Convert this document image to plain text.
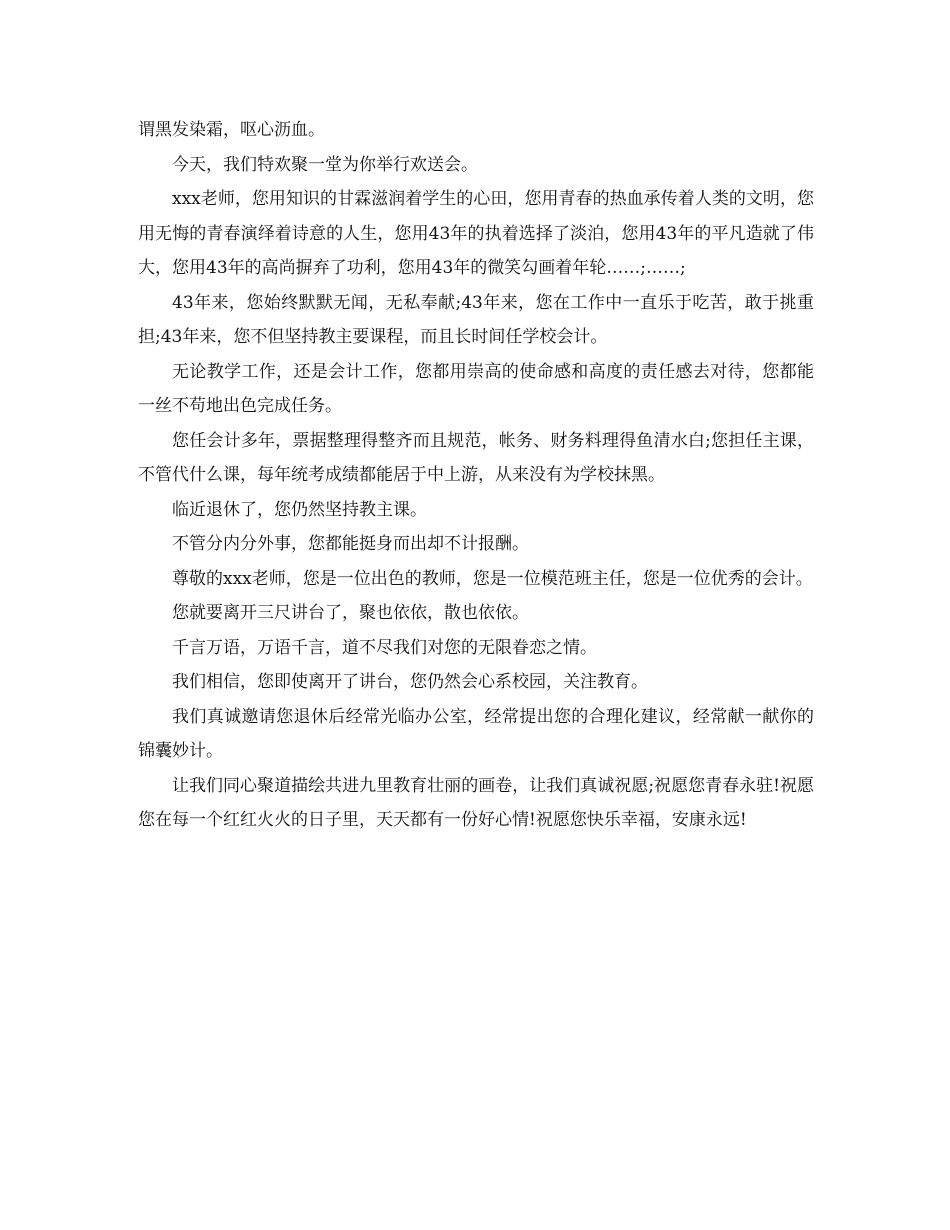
谓黑发染霜，呕心沥血。

今天，我们特欢聚一堂为你举行欢送会。

xxx老师，您用知识的甘霖滋润着学生的心田，您用青春的热血承传着人类的文明，您用无悔的青春演绎着诗意的人生，您用43年的执着选择了淡泊，您用43年的平凡造就了伟大，您用43年的高尚摒弃了功利，您用43年的微笑勾画着年轮……;……;

43年来，您始终默默无闻，无私奉献;43年来，您在工作中一直乐于吃苦，敢于挑重担;43年来，您不但坚持教主要课程，而且长时间任学校会计。

无论教学工作，还是会计工作，您都用崇高的使命感和高度的责任感去对待，您都能一丝不苟地出色完成任务。

您任会计多年，票据整理得整齐而且规范，帐务、财务料理得鱼清水白;您担任主课，不管代什么课，每年统考成绩都能居于中上游，从来没有为学校抹黑。

临近退休了，您仍然坚持教主课。

不管分内分外事，您都能挺身而出却不计报酬。

尊敬的xxx老师，您是一位出色的教师，您是一位模范班主任，您是一位优秀的会计。

您就要离开三尺讲台了，聚也依依，散也依依。

千言万语，万语千言，道不尽我们对您的无限眷恋之情。

我们相信，您即使离开了讲台，您仍然会心系校园，关注教育。

我们真诚邀请您退休后经常光临办公室，经常提出您的合理化建议，经常献一献你的锦囊妙计。

让我们同心聚道描绘共进九里教育壮丽的画卷，让我们真诚祝愿;祝愿您青春永驻!祝愿您在每一个红红火火的日子里，天天都有一份好心情!祝愿您快乐幸福，安康永远!
